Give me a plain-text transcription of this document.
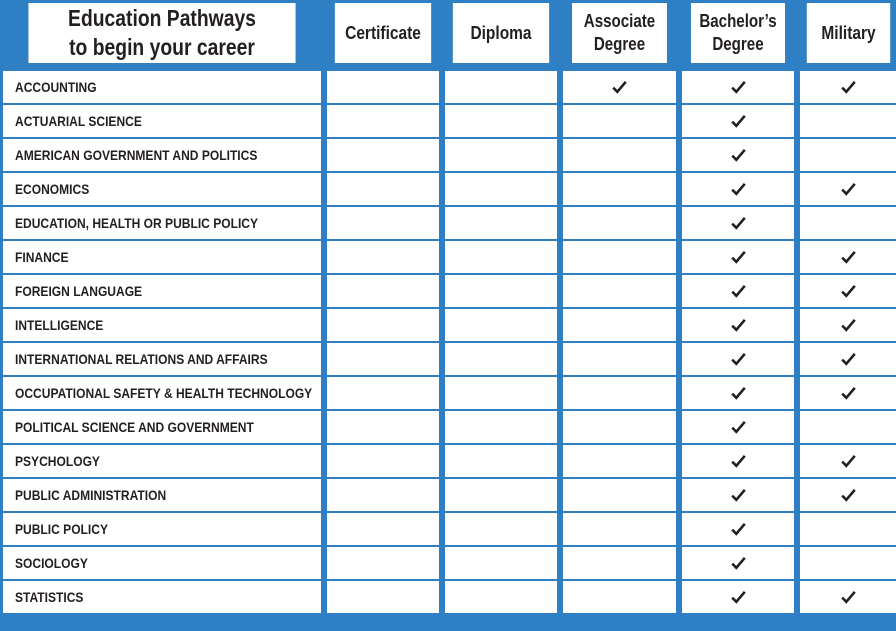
Education Pathways
to begin your career
Certificate	Diploma
Associate
Degree
Bachelor’s
Degree
Military
ACCOUNTING
ACTUARIAL SCIENCE
AMERICAN GOVERNMENT AND POLITICS
ECONOMICS
EDUCATION, HEALTH OR PUBLIC POLICY
FINANCE
FOREIGN LANGUAGE
INTELLIGENCE
INTERNATIONAL RELATIONS AND AFFAIRS
OCCUPATIONAL SAFETY & HEALTH TECHNOLOGY
POLITICAL SCIENCE AND GOVERNMENT
PSYCHOLOGY
PUBLIC ADMINISTRATION
PUBLIC POLICY
SOCIOLOGY
STATISTICS
